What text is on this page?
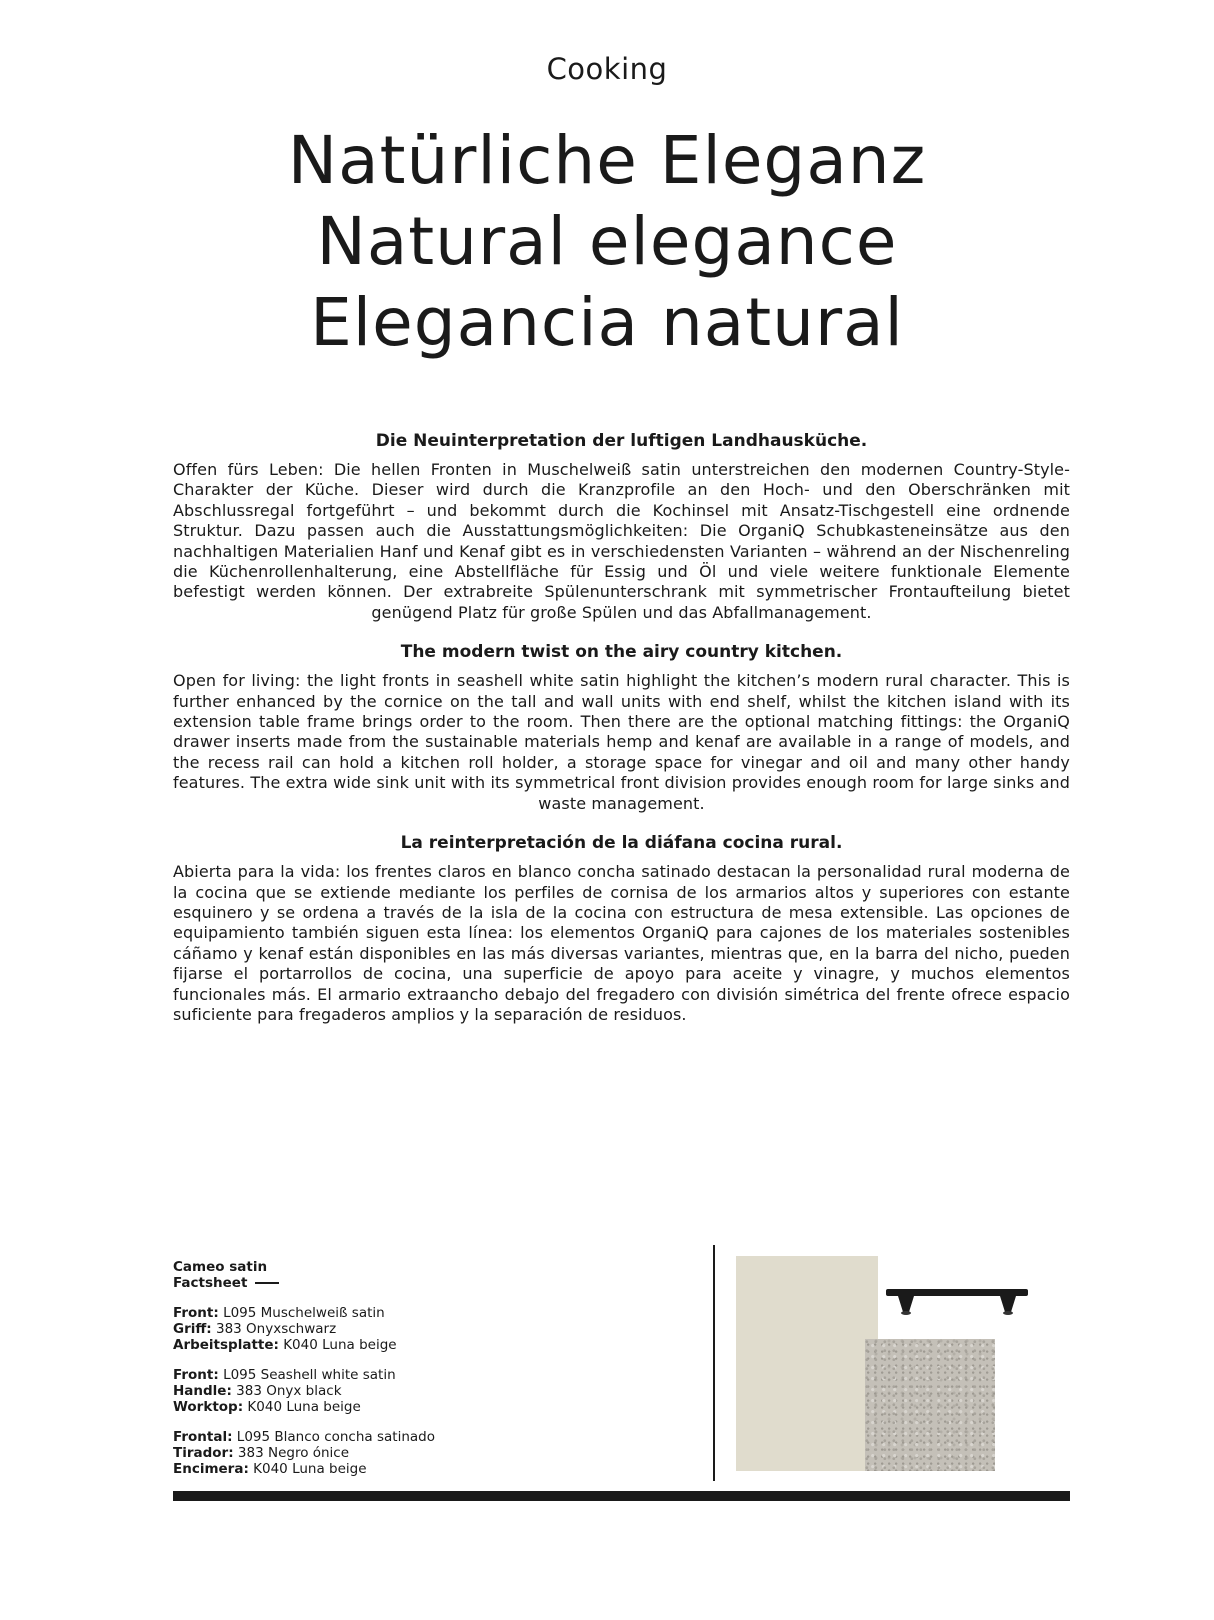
Cooking
Natürliche Eleganz
Natural elegance
Elegancia natural
Die Neuinterpretation der luftigen Landhausküche.
Offen fürs Leben: Die hellen Fronten in Muschelweiß satin unterstreichen den modernen Country-Style-Charakter der Küche. Dieser wird durch die Kranzprofile an den Hoch- und den Oberschränken mit Abschlussregal fortgeführt – und bekommt durch die Kochinsel mit Ansatz-Tischgestell eine ordnende Struktur. Dazu passen auch die Ausstattungsmöglichkeiten: Die OrganiQ Schubkasteneinsätze aus den nachhaltigen Materialien Hanf und Kenaf gibt es in verschiedensten Varianten – während an der Nischenreling die Küchenrollenhalterung, eine Abstellfläche für Essig und Öl und viele weitere funktionale Elemente befestigt werden können. Der extrabreite Spülenunterschrank mit symmetrischer Frontaufteilung bietet genügend Platz für große Spülen und das Abfallmanagement.
The modern twist on the airy country kitchen.
Open for living: the light fronts in seashell white satin highlight the kitchen’s modern rural character. This is further enhanced by the cornice on the tall and wall units with end shelf, whilst the kitchen island with its extension table frame brings order to the room. Then there are the optional matching fittings: the OrganiQ drawer inserts made from the sustainable materials hemp and kenaf are available in a range of models, and the recess rail can hold a kitchen roll holder, a storage space for vinegar and oil and many other handy features. The extra wide sink unit with its symmetrical front division provides enough room for large sinks and waste management.
La reinterpretación de la diáfana cocina rural.
Abierta para la vida: los frentes claros en blanco concha satinado destacan la personalidad rural moderna de la cocina que se extiende mediante los perfiles de cornisa de los armarios altos y superiores con estante esquinero y se ordena a través de la isla de la cocina con estructura de mesa extensible. Las opciones de equipamiento también siguen esta línea: los elementos OrganiQ para cajones de los materiales sostenibles cáñamo y kenaf están disponibles en las más diversas variantes, mientras que, en la barra del nicho, pueden fijarse el portarrollos de cocina, una superficie de apoyo para aceite y vinagre, y muchos elementos funcionales más. El armario extraancho debajo del fregadero con división simétrica del frente ofrece espacio suficiente para fregaderos amplios y la separación de residuos.
Cameo satin
Factsheet
Front: L095 Muschelweiß satin
Griff: 383 Onyxschwarz
Arbeitsplatte: K040 Luna beige
Front: L095 Seashell white satin
Handle: 383 Onyx black
Worktop: K040 Luna beige
Frontal: L095 Blanco concha satinado
Tirador: 383 Negro ónice
Encimera: K040 Luna beige
